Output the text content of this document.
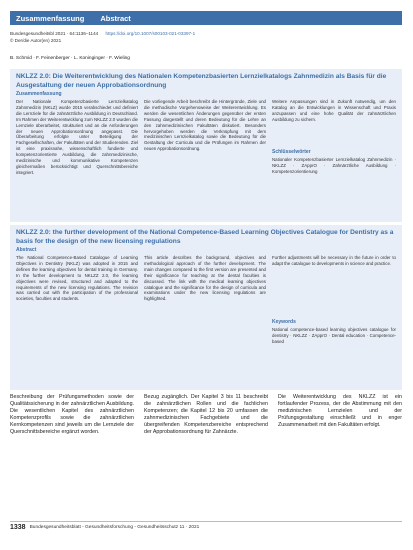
Zusammenfassung Abstract
Bundesgesundheitsbl 2021 · 64:1136–1144 https://doi.org/10.1007/s00103-021-03397-1
© Der/die Autor(en) 2021
B. Schmid · F. Feinenberger · L. Koninginger · F. Wieling
NKLZZ 2.0: Die Weiterentwicklung des Nationalen Kompetenzbasierten Lernzielkatalogs Zahnmedizin als Basis für die Ausgestaltung der neuen Approbationsordnung
Zusammenfassung
Der Nationale Kompetenzbasierte Lernzielkatalog Zahnmedizin (NKLZ) wurde 2015 verabschiedet und definiert die Lernziele für die zahnärztliche Ausbildung in Deutschland. Im Rahmen der Weiterentwicklung zum NKLZZ 2.0 wurden die Lernziele überarbeitet, strukturiert und an die Anforderungen der neuen Approbationsordnung angepasst. Die Überarbeitung erfolgte unter Beteiligung der Fachgesellschaften, der Fakultäten und der Studierenden. Ziel ist eine praxisnahe, wissenschaftlich fundierte und kompetenzorientierte Ausbildung, die zahnmedizinische, medizinische und kommunikative Kompetenzen gleichermaßen berücksichtigt und Querschnittsbereiche integriert.
Die vorliegende Arbeit beschreibt die Hintergründe, Ziele und die methodische Vorgehensweise der Weiterentwicklung. Es werden die wesentlichen Änderungen gegenüber der ersten Fassung dargestellt und deren Bedeutung für die Lehre an den zahnmedizinischen Fakultäten diskutiert. Besonders hervorgehoben werden die Verknüpfung mit dem medizinischen Lernzielkatalog sowie die Bedeutung für die Gestaltung der Curricula und die Prüfungen im Rahmen der neuen Approbationsordnung.
Weitere Anpassungen sind in Zukunft notwendig, um den Katalog an die Entwicklungen in Wissenschaft und Praxis anzupassen und eine hohe Qualität der zahnärztlichen Ausbildung zu sichern.
Schlüsselwörter
Nationaler Kompetenzbasierter Lernzielkatalog Zahnmedizin · NKLZZ · ZApprO · Zahnärztliche Ausbildung · Kompetenzorientierung
NKLZZ 2.0: the further development of the National Competence-Based Learning Objectives Catalogue for Dentistry as a basis for the design of the new licensing regulations
Abstract
The National Competence-Based Catalogue of Learning Objectives in Dentistry (NKLZ) was adopted in 2015 and defines the learning objectives for dental training in Germany. In the further development to NKLZZ 2.0, the learning objectives were revised, structured and adapted to the requirements of the new licensing regulations. The revision was carried out with the participation of the professional societies, faculties and students.
This article describes the background, objectives and methodological approach of the further development. The main changes compared to the first version are presented and their significance for teaching at the dental faculties is discussed. The link with the medical learning objectives catalogue and the significance for the design of curricula and examinations under the new licensing regulations are highlighted.
Further adjustments will be necessary in the future in order to adapt the catalogue to developments in science and practice.
Keywords
National competence-based learning objectives catalogue for dentistry · NKLZZ · ZApprO · Dental education · Competence-based
Beschreibung der Prüfungsmethoden sowie der Qualitätssicherung in der zahnärztlichen Ausbildung. Die wesentlichen Kapitel des zahnärztlichen Kompetenzprofils sowie die zahnärztlichen Kernkompetenzen sind jeweils um die Lernziele der Querschnittsbereiche ergänzt worden.
Bezug zugänglich. Der Kapitel 3 bis 11 beschreibt die zahnärztlichen Rollen und die fachlichen Kompetenzen; die Kapitel 12 bis 20 umfassen die zahnmedizinischen Fachgebiete und die übergreifenden Kompetenzbereiche entsprechend der Approbationsordnung für Zahnärzte.
Die Weiterentwicklung des NKLZZ ist ein fortlaufender Prozess, der die Abstimmung mit den medizinischen Lernzielen und der Prüfungsgestaltung einschließt und in enger Zusammenarbeit mit den Fakultäten erfolgt.
1338 Bundesgesundheitsblatt - Gesundheitsforschung - Gesundheitsschutz 11 · 2021
